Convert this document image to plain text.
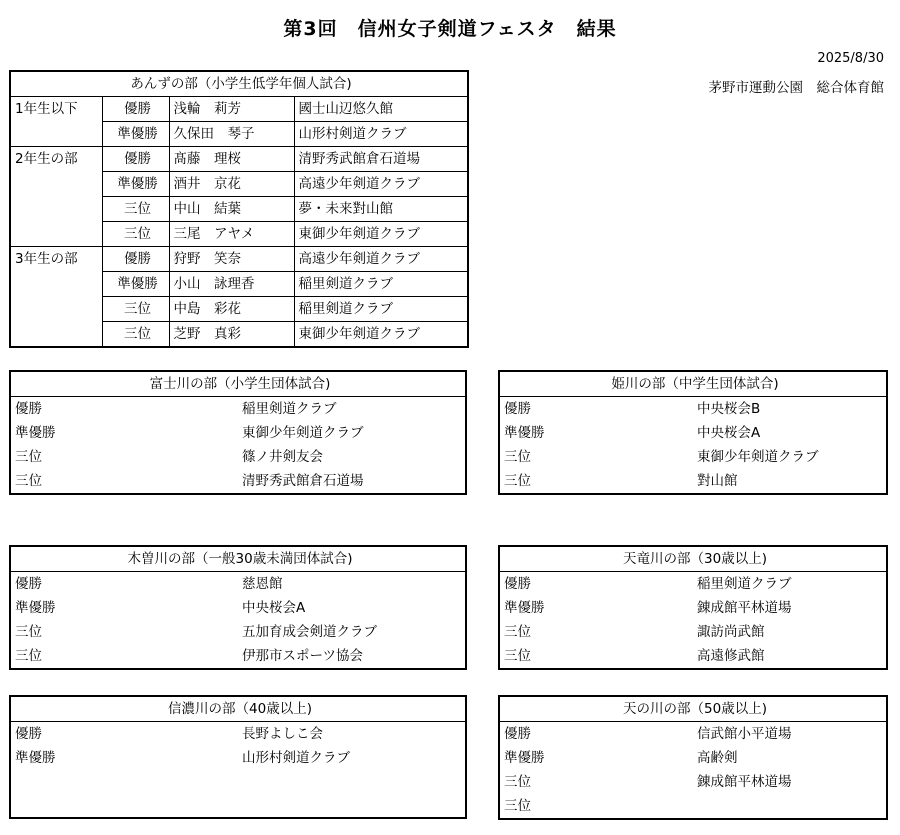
第3回　信州女子剣道フェスタ　結果
2025/8/30
茅野市運動公園　総合体育館
あんずの部（小学生低学年個人試合)			
1年生以下	優勝	浅輪　莉芳	國士山辺悠久館
	準優勝	久保田　琴子	山形村剣道クラブ
2年生の部	優勝	髙藤　理桜	清野秀武館倉石道場
	準優勝	酒井　京花	高遠少年剣道クラブ
	三位	中山　結葉	夢・未来對山館
	三位	三尾　アヤメ	東御少年剣道クラブ
3年生の部	優勝	狩野　笑奈	高遠少年剣道クラブ
	準優勝	小山　詠理香	稲里剣道クラブ
	三位	中島　彩花	稲里剣道クラブ
	三位	芝野　真彩	東御少年剣道クラブ
富士川の部（小学生団体試合)	
優勝	稲里剣道クラブ
準優勝	東御少年剣道クラブ
三位	篠ノ井剣友会
三位	清野秀武館倉石道場
姫川の部（中学生団体試合)	
優勝	中央桜会B
準優勝	中央桜会A
三位	東御少年剣道クラブ
三位	對山館
木曽川の部（一般30歳未満団体試合)	
優勝	慈恩館
準優勝	中央桜会A
三位	五加育成会剣道クラブ
三位	伊那市スポーツ協会
天竜川の部（30歳以上)	
優勝	稲里剣道クラブ
準優勝	錬成館平林道場
三位	諏訪尚武館
三位	高遠修武館
信濃川の部（40歳以上)	
優勝	長野よしこ会
準優勝	山形村剣道クラブ

天の川の部（50歳以上)	
優勝	信武館小平道場
準優勝	高齢剣
三位	錬成館平林道場
三位	
